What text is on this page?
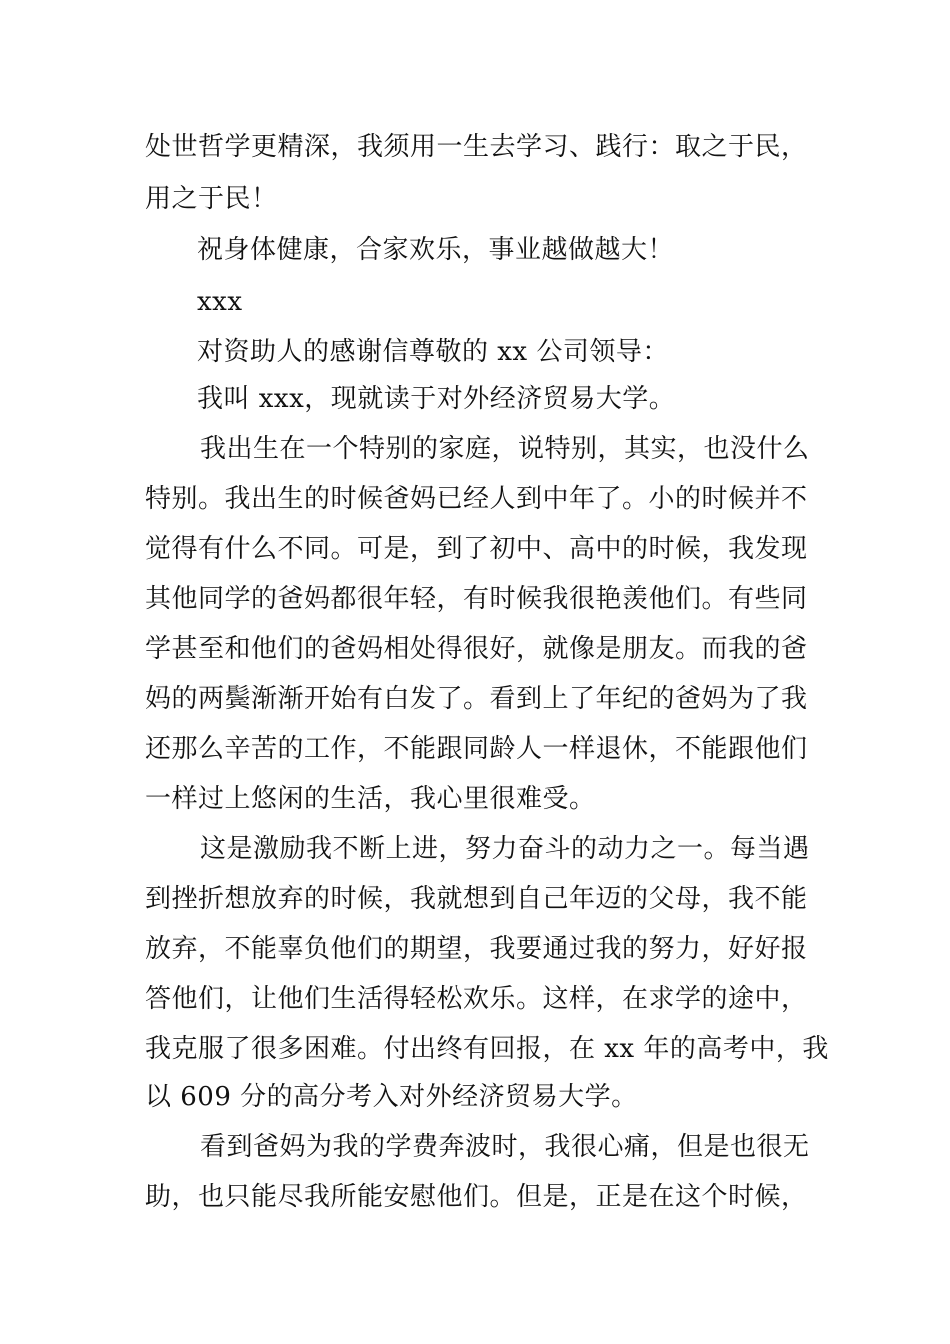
处世哲学更精深，我须用一生去学习、践行：取之于民，
用之于民！
祝身体健康，合家欢乐，事业越做越大！
xxx
对资助人的感谢信尊敬的 xx 公司领导：
我叫 xxx，现就读于对外经济贸易大学。
我出生在一个特别的家庭，说特别，其实，也没什么
特别。我出生的时候爸妈已经人到中年了。小的时候并不
觉得有什么不同。可是，到了初中、高中的时候，我发现
其他同学的爸妈都很年轻，有时候我很艳羡他们。有些同
学甚至和他们的爸妈相处得很好，就像是朋友。而我的爸
妈的两鬓渐渐开始有白发了。看到上了年纪的爸妈为了我
还那么辛苦的工作，不能跟同龄人一样退休，不能跟他们
一样过上悠闲的生活，我心里很难受。
这是激励我不断上进，努力奋斗的动力之一。每当遇
到挫折想放弃的时候，我就想到自己年迈的父母，我不能
放弃，不能辜负他们的期望，我要通过我的努力，好好报
答他们，让他们生活得轻松欢乐。这样，在求学的途中，
我克服了很多困难。付出终有回报，在 xx 年的高考中，我
以 609 分的高分考入对外经济贸易大学。
看到爸妈为我的学费奔波时，我很心痛，但是也很无
助，也只能尽我所能安慰他们。但是，正是在这个时候，
